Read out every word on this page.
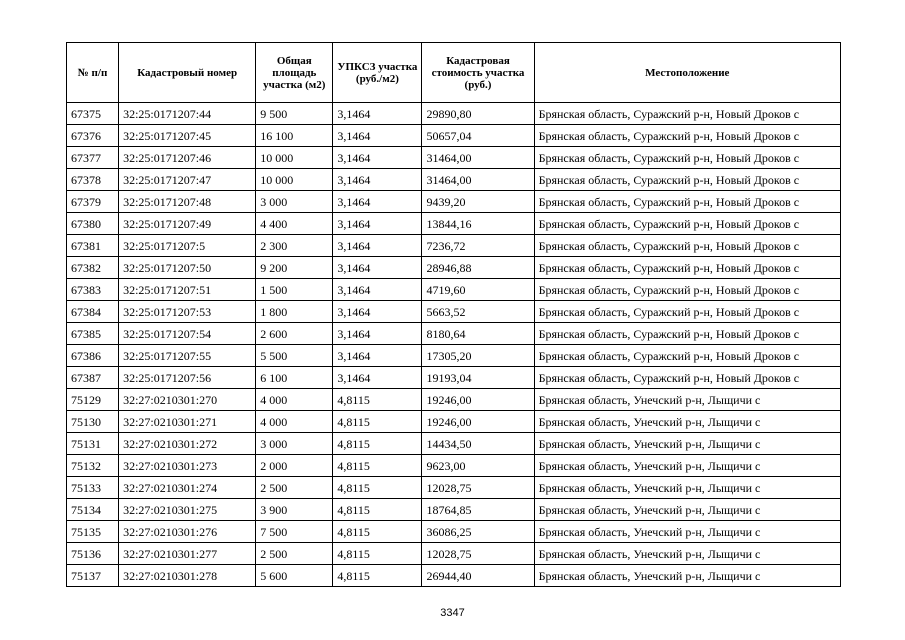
№ п/п	Кадастровый номер	Общая площадь участка (м2)	УПКСЗ участка (руб./м2)	Кадастровая стоимость участка (руб.)	Местоположение
67375	32:25:0171207:44	9 500	3,1464	29890,80	Брянская область, Суражский р-н, Новый Дроков с
67376	32:25:0171207:45	16 100	3,1464	50657,04	Брянская область, Суражский р-н, Новый Дроков с
67377	32:25:0171207:46	10 000	3,1464	31464,00	Брянская область, Суражский р-н, Новый Дроков с
67378	32:25:0171207:47	10 000	3,1464	31464,00	Брянская область, Суражский р-н, Новый Дроков с
67379	32:25:0171207:48	3 000	3,1464	9439,20	Брянская область, Суражский р-н, Новый Дроков с
67380	32:25:0171207:49	4 400	3,1464	13844,16	Брянская область, Суражский р-н, Новый Дроков с
67381	32:25:0171207:5	2 300	3,1464	7236,72	Брянская область, Суражский р-н, Новый Дроков с
67382	32:25:0171207:50	9 200	3,1464	28946,88	Брянская область, Суражский р-н, Новый Дроков с
67383	32:25:0171207:51	1 500	3,1464	4719,60	Брянская область, Суражский р-н, Новый Дроков с
67384	32:25:0171207:53	1 800	3,1464	5663,52	Брянская область, Суражский р-н, Новый Дроков с
67385	32:25:0171207:54	2 600	3,1464	8180,64	Брянская область, Суражский р-н, Новый Дроков с
67386	32:25:0171207:55	5 500	3,1464	17305,20	Брянская область, Суражский р-н, Новый Дроков с
67387	32:25:0171207:56	6 100	3,1464	19193,04	Брянская область, Суражский р-н, Новый Дроков с
75129	32:27:0210301:270	4 000	4,8115	19246,00	Брянская область, Унечский р-н, Лыщичи с
75130	32:27:0210301:271	4 000	4,8115	19246,00	Брянская область, Унечский р-н, Лыщичи с
75131	32:27:0210301:272	3 000	4,8115	14434,50	Брянская область, Унечский р-н, Лыщичи с
75132	32:27:0210301:273	2 000	4,8115	9623,00	Брянская область, Унечский р-н, Лыщичи с
75133	32:27:0210301:274	2 500	4,8115	12028,75	Брянская область, Унечский р-н, Лыщичи с
75134	32:27:0210301:275	3 900	4,8115	18764,85	Брянская область, Унечский р-н, Лыщичи с
75135	32:27:0210301:276	7 500	4,8115	36086,25	Брянская область, Унечский р-н, Лыщичи с
75136	32:27:0210301:277	2 500	4,8115	12028,75	Брянская область, Унечский р-н, Лыщичи с
75137	32:27:0210301:278	5 600	4,8115	26944,40	Брянская область, Унечский р-н, Лыщичи с
3347
